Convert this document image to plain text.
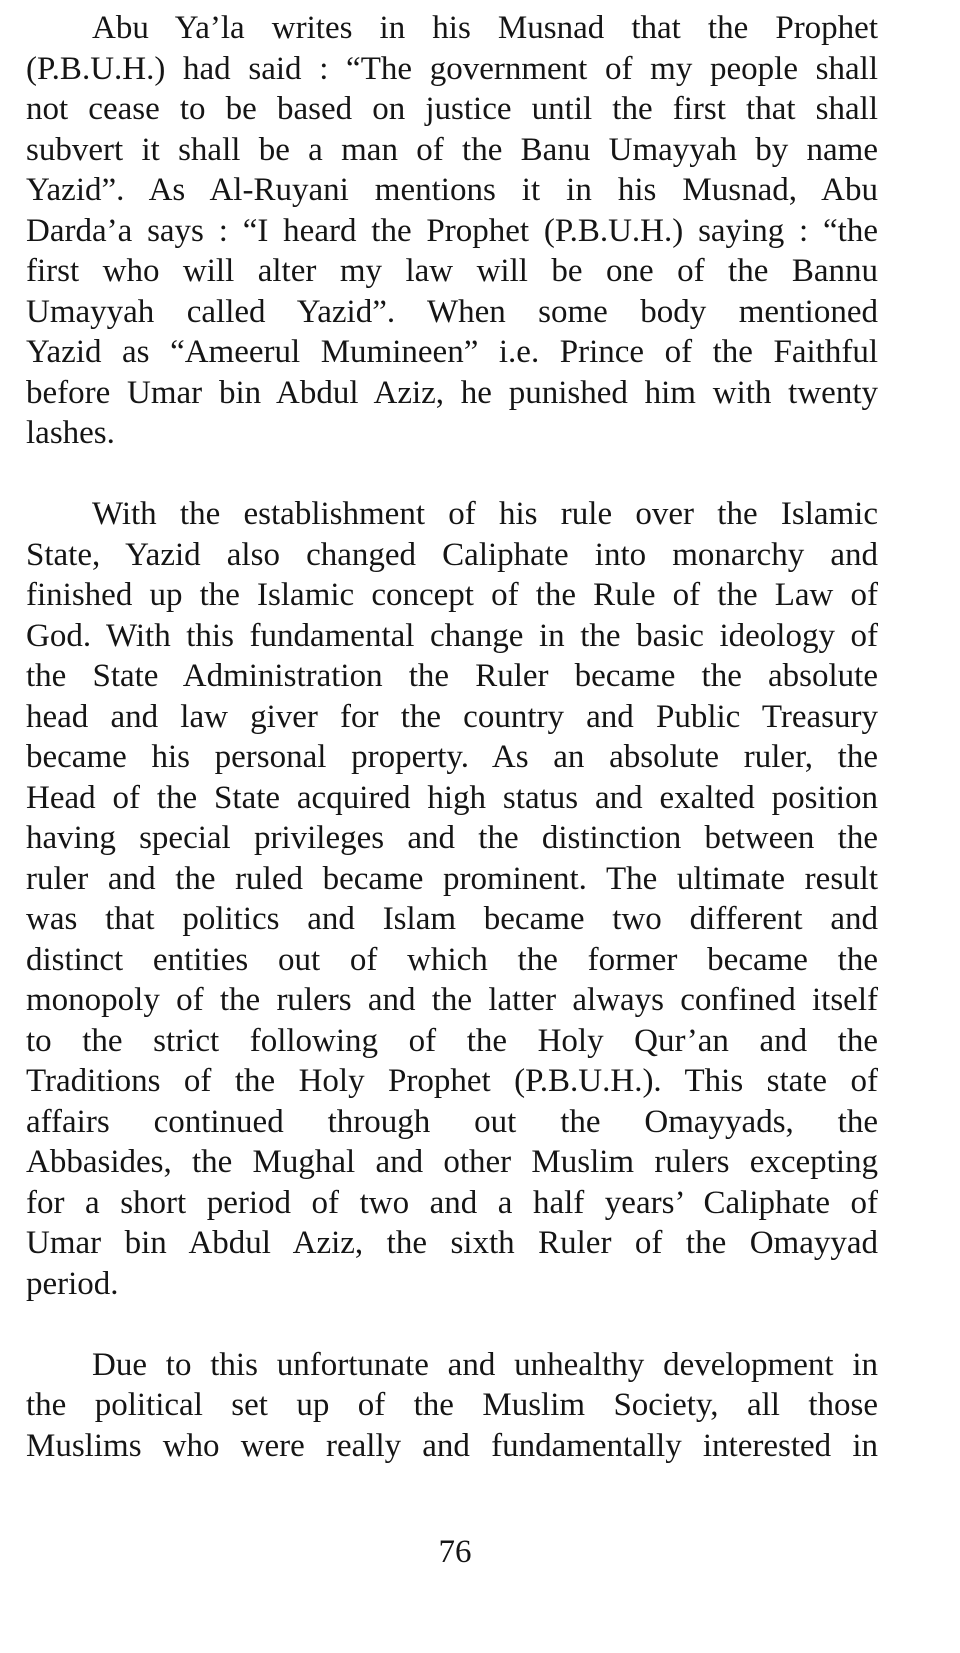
Abu Ya’la writes in his Musnad that the Prophet
(P.B.U.H.) had said : “The government of my people shall
not cease to be based on justice until the first that shall
subvert it shall be a man of the Banu Umayyah by name
Yazid”. As Al-Ruyani mentions it in his Musnad, Abu
Darda’a says : “I heard the Prophet (P.B.U.H.) saying : “the
first who will alter my law will be one of the Bannu
Umayyah called Yazid”. When some body mentioned
Yazid as “Ameerul Mumineen” i.e. Prince of the Faithful
before Umar bin Abdul Aziz, he punished him with twenty
lashes.
With the establishment of his rule over the Islamic
State, Yazid also changed Caliphate into monarchy and
finished up the Islamic concept of the Rule of the Law of
God. With this fundamental change in the basic ideology of
the State Administration the Ruler became the absolute
head and law giver for the country and Public Treasury
became his personal property. As an absolute ruler, the
Head of the State acquired high status and exalted position
having special privileges and the distinction between the
ruler and the ruled became prominent. The ultimate result
was that politics and Islam became two different and
distinct entities out of which the former became the
monopoly of the rulers and the latter always confined itself
to the strict following of the Holy Qur’an and the
Traditions of the Holy Prophet (P.B.U.H.). This state of
affairs continued through out the Omayyads, the
Abbasides, the Mughal and other Muslim rulers excepting
for a short period of two and a half years’ Caliphate of
Umar bin Abdul Aziz, the sixth Ruler of the Omayyad
period.
Due to this unfortunate and unhealthy development in
the political set up of the Muslim Society, all those
Muslims who were really and fundamentally interested in
76
